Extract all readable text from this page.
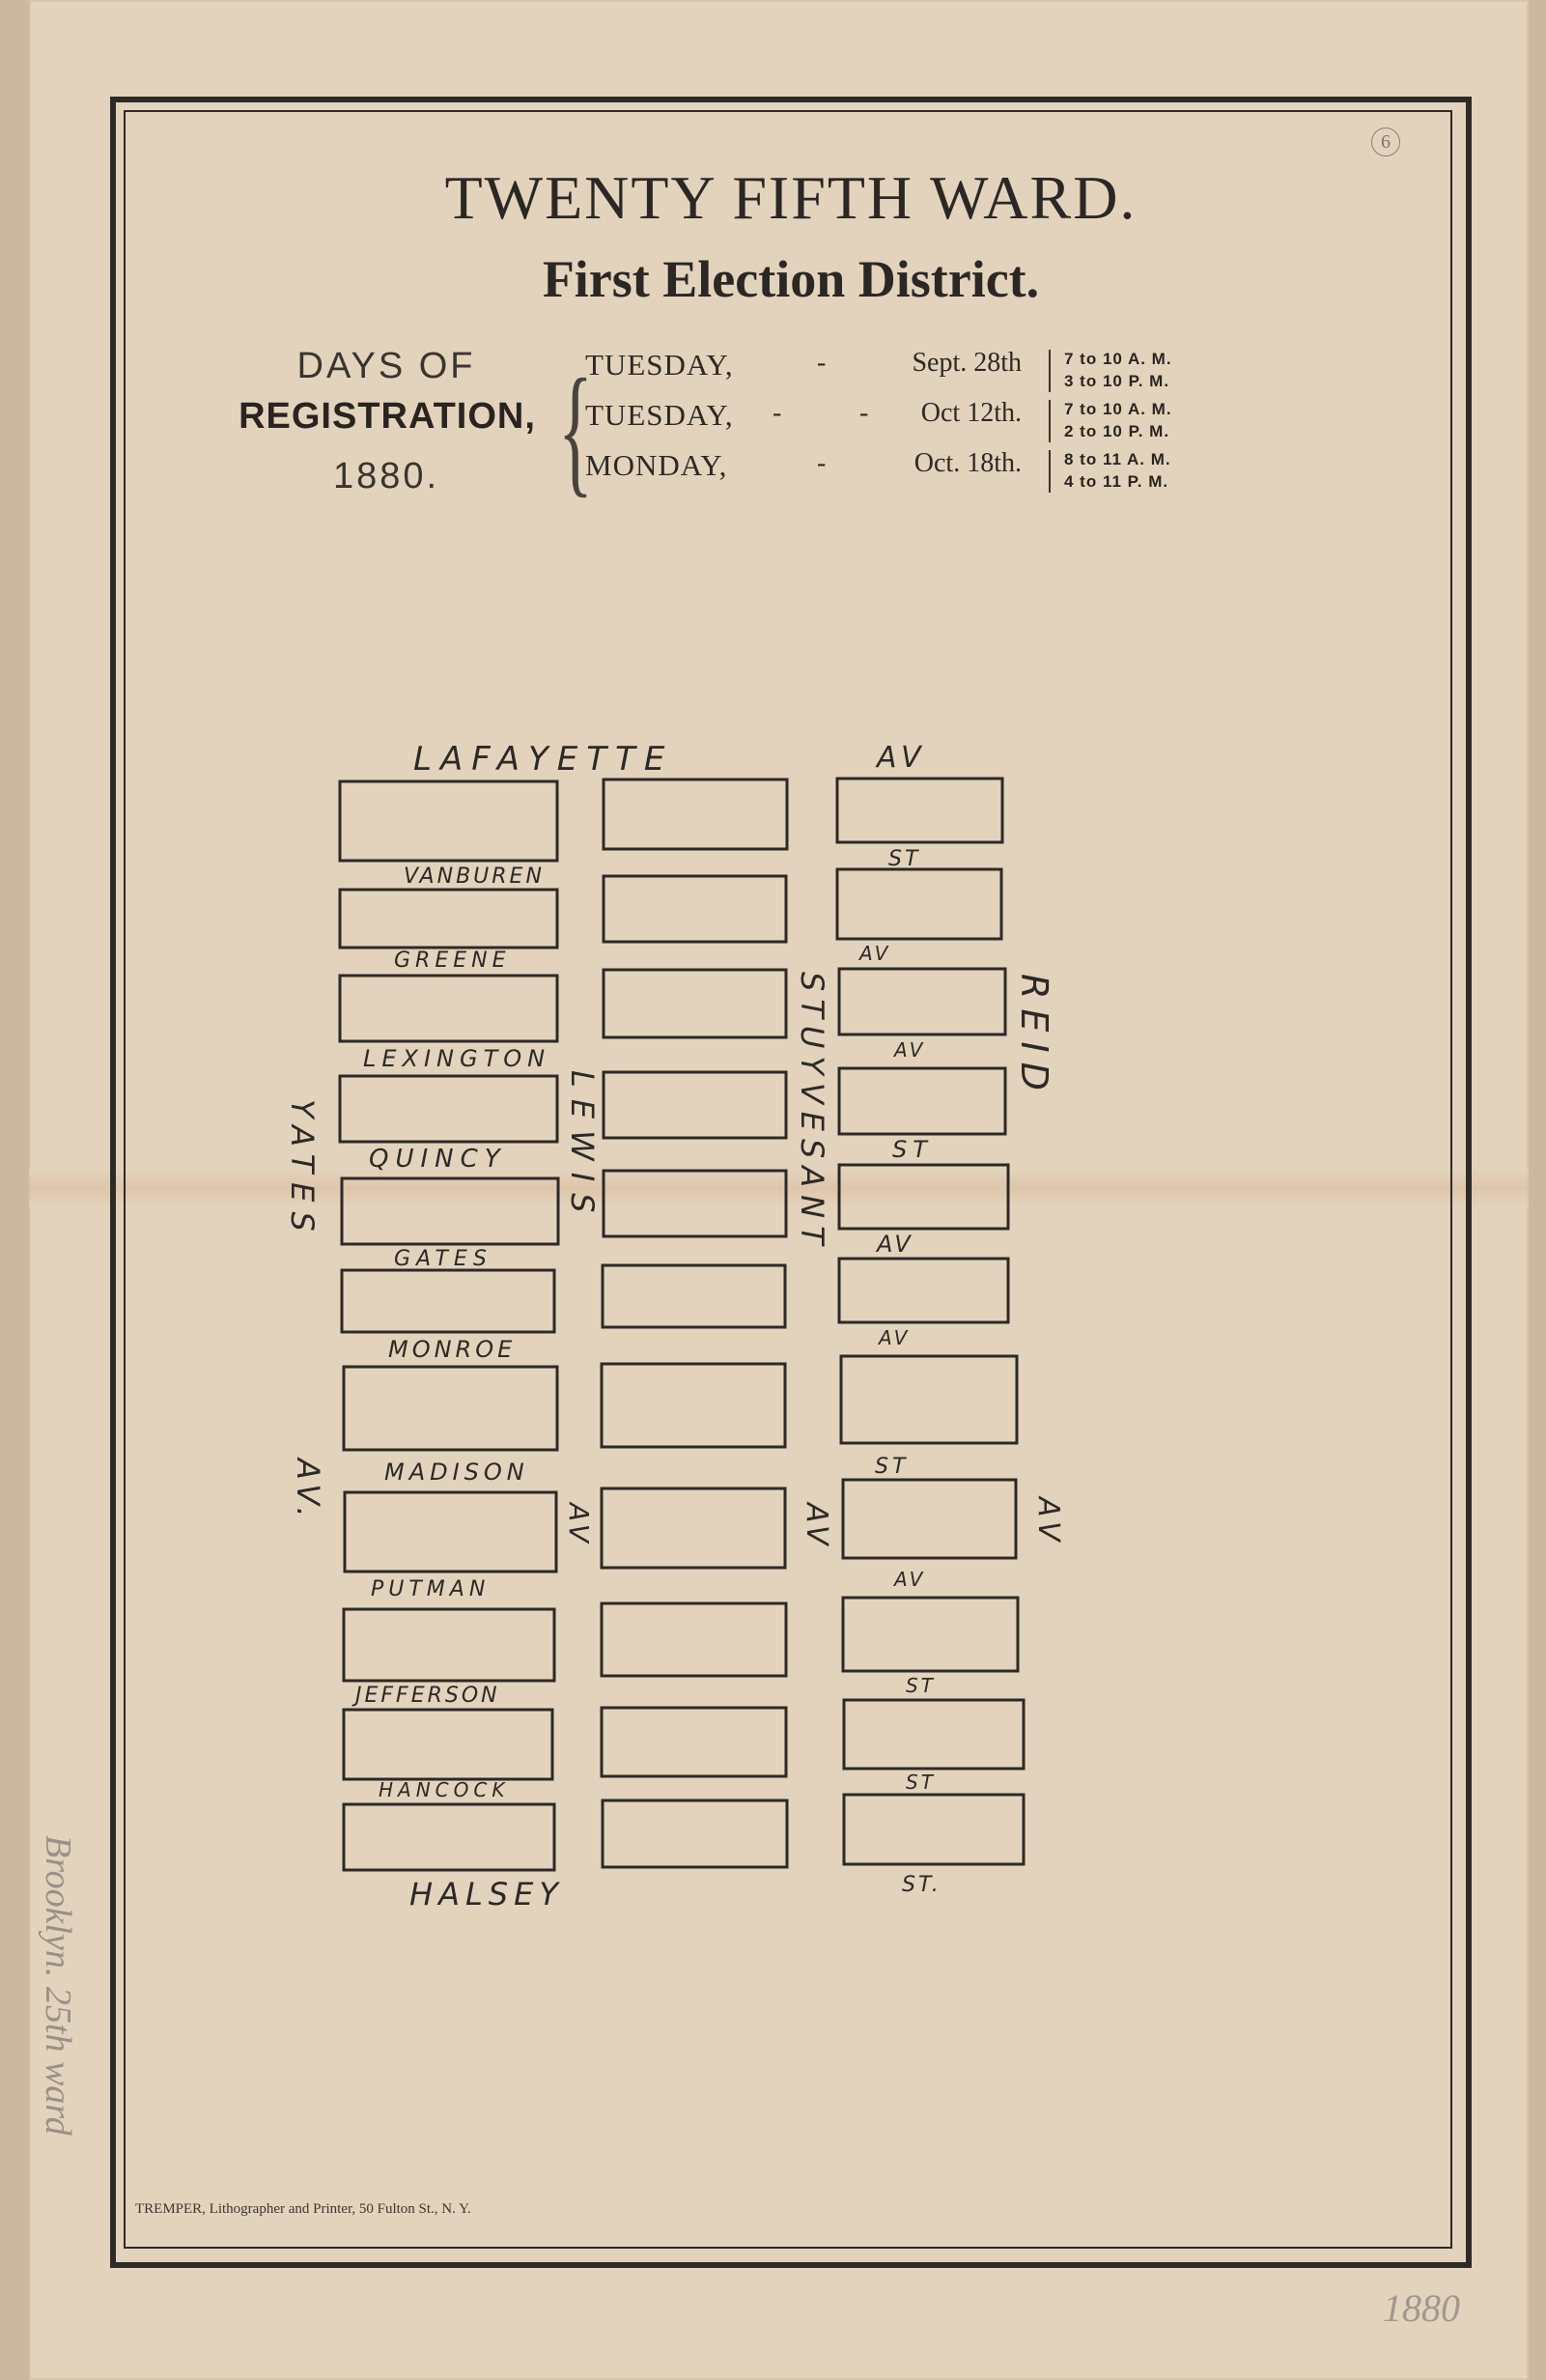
6
TWENTY FIFTH WARD.
First Election District.
DAYS OF
REGISTRATION,
1880. {
TUESDAY,	-	Sept. 28th	7 to 10 A. M.
3 to 10 P. M.
TUESDAY, -	-	Oct 12th.	7 to 10 A. M.
2 to 10 P. M.
MONDAY,	-	Oct. 18th.	8 to 11 A. M.
4 to 11 P. M.
LAFAYETTE	AV
VANBUREN
ST
GREENE	AV
LEXINGTON	AV
QUINCY	ST
GATES
AV
MONROE	AV
MADISON	ST
PUTMAN	AV
JEFFERSON	ST
HANCOCK	ST
HALSEY	ST.
YATES
AV.
LEWIS
AV
STUYVESANT
AV
REID
AV
TREMPER, Lithographer and Printer, 50 Fulton St., N. Y.
Brooklyn. 25th ward
1880
